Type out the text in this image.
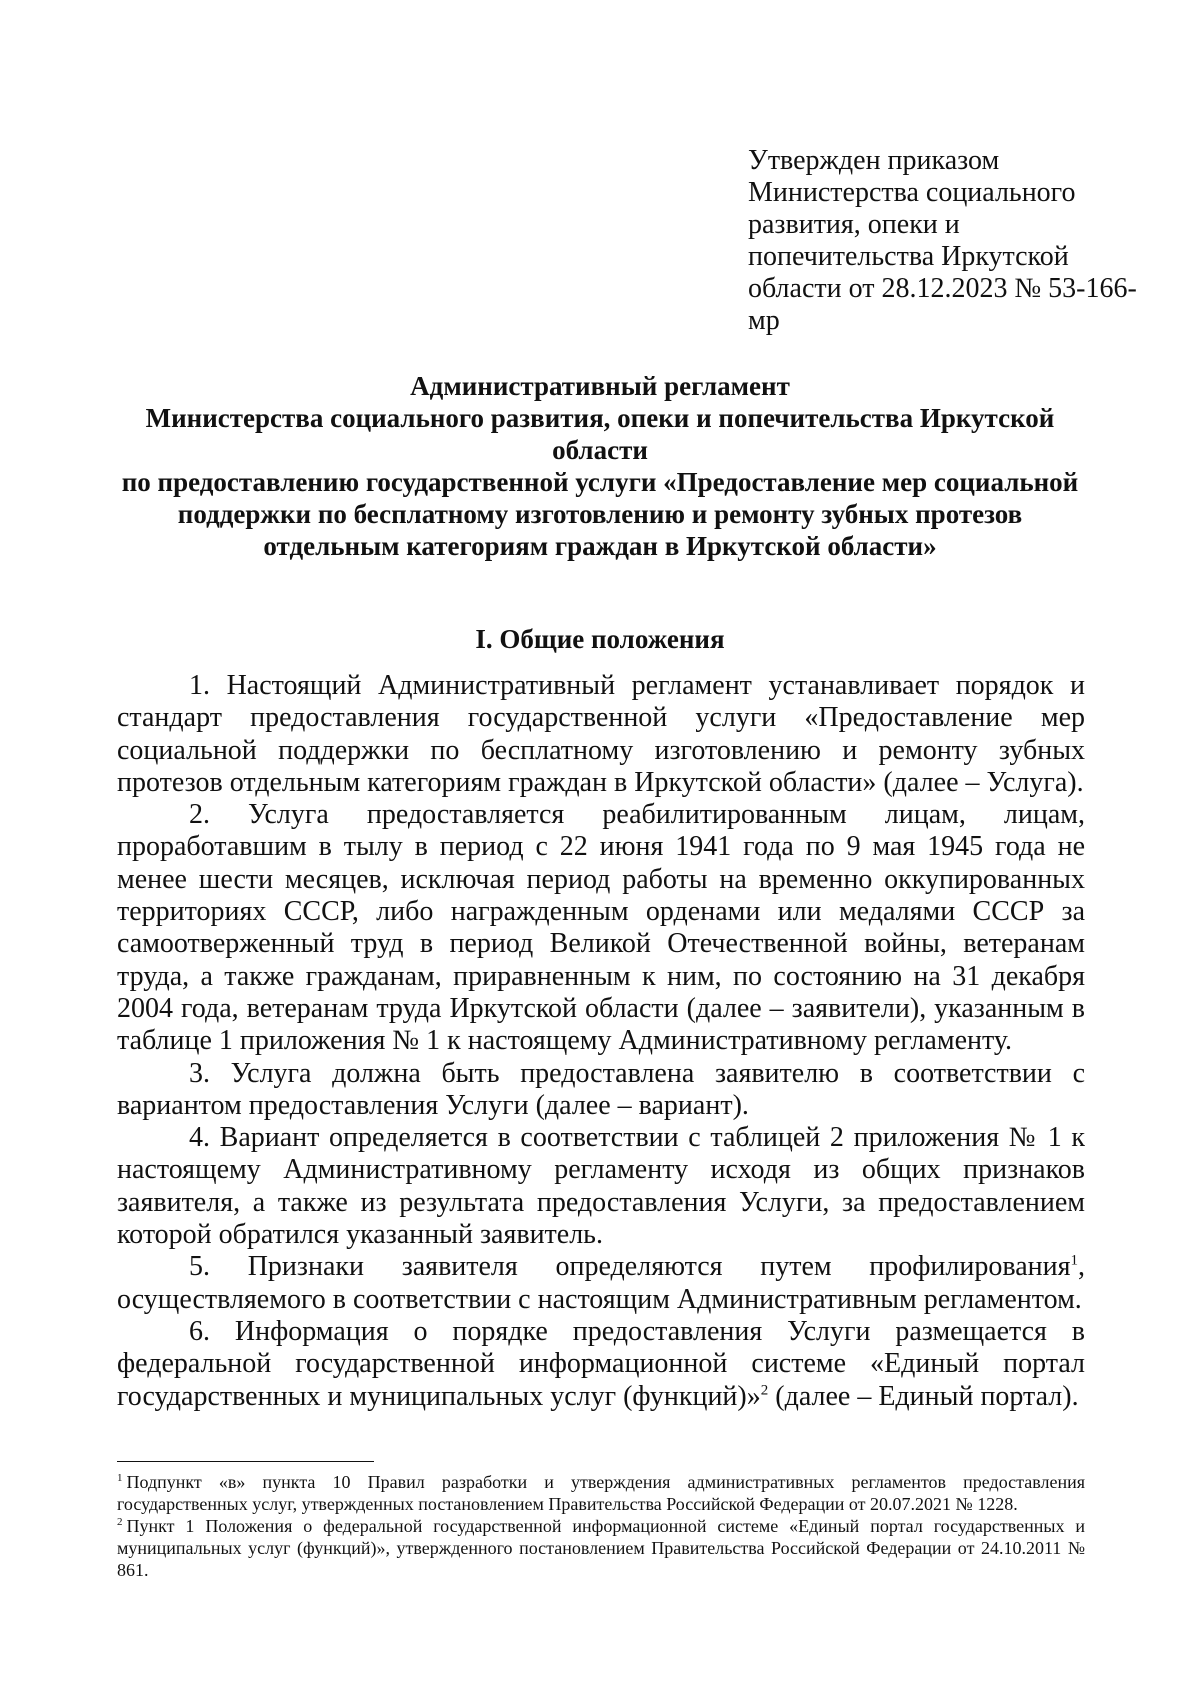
Утвержден приказом
Министерства социального
развития, опеки и
попечительства Иркутской
области от 28.12.2023 № 53-166-
мр
Административный регламент
Министерства социального развития, опеки и попечительства Иркутской
области
по предоставлению государственной услуги «Предоставление мер социальной
поддержки по бесплатному изготовлению и ремонту зубных протезов
отдельным категориям граждан в Иркутской области»
I. Общие положения

1. Настоящий Административный регламент устанавливает порядок и стандарт предоставления государственной услуги «Предоставление мер социальной поддержки по бесплатному изготовлению и ремонту зубных протезов отдельным категориям граждан в Иркутской области» (далее – Услуга).

2. Услуга предоставляется реабилитированным лицам, лицам, проработавшим в тылу в период с 22 июня 1941 года по 9 мая 1945 года не менее шести месяцев, исключая период работы на временно оккупированных территориях СССР, либо награжденным орденами или медалями СССР за самоотверженный труд в период Великой Отечественной войны, ветеранам труда, а также гражданам, приравненным к ним, по состоянию на 31 декабря 2004 года, ветеранам труда Иркутской области (далее – заявители), указанным в таблице 1 приложения № 1 к настоящему Административному регламенту.

3. Услуга должна быть предоставлена заявителю в соответствии с вариантом предоставления Услуги (далее – вариант).

4. Вариант определяется в соответствии с таблицей 2 приложения № 1 к настоящему Административному регламенту исходя из общих признаков заявителя, а также из результата предоставления Услуги, за предоставлением которой обратился указанный заявитель.

5. Признаки заявителя определяются путем профилирования$^1$, осуществляемого в соответствии с настоящим Административным регламентом.

6. Информация о порядке предоставления Услуги размещается в федеральной государственной информационной системе «Единый портал государственных и муниципальных услуг (функций)»$^2$ (далее – Единый портал).

$^1$ Подпункт «в» пункта 10 Правил разработки и утверждения административных регламентов предоставления государственных услуг, утвержденных постановлением Правительства Российской Федерации от 20.07.2021 № 1228.

$^2$ Пункт 1 Положения о федеральной государственной информационной системе «Единый портал государственных и муниципальных услуг (функций)», утвержденного постановлением Правительства Российской Федерации от 24.10.2011 № 861.
